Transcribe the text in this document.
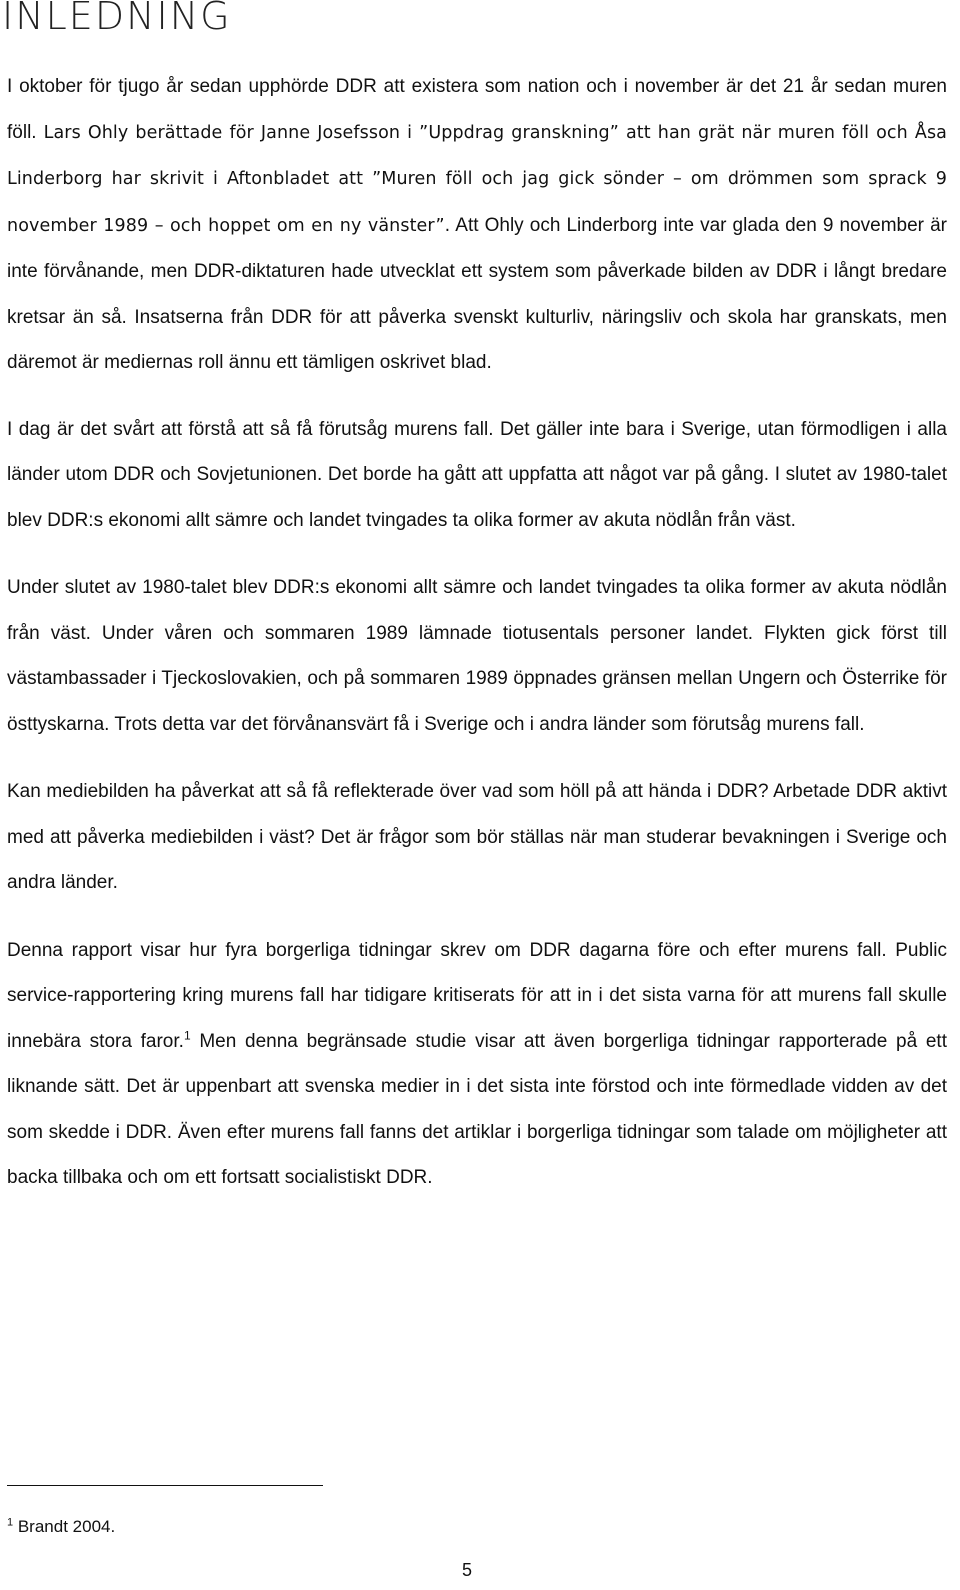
INLEDNING

I oktober för tjugo år sedan upphörde DDR att existera som nation och i november är det 21 år sedan muren föll. Lars Ohly berättade för Janne Josefsson i ”Uppdrag granskning” att han grät när muren föll och Åsa Linderborg har skrivit i Aftonbladet att ”Muren föll och jag gick sönder – om drömmen som sprack 9 november 1989 – och hoppet om en ny vänster”. Att Ohly och Linderborg inte var glada den 9 november är inte förvånande, men DDR-diktaturen hade utvecklat ett system som påverkade bilden av DDR i långt bredare kretsar än så. Insatserna från DDR för att påverka svenskt kulturliv, näringsliv och skola har granskats, men däremot är mediernas roll ännu ett tämligen oskrivet blad.

I dag är det svårt att förstå att så få förutsåg murens fall. Det gäller inte bara i Sverige, utan förmodligen i alla länder utom DDR och Sovjetunionen. Det borde ha gått att uppfatta att något var på gång. I slutet av 1980-talet blev DDR:s ekonomi allt sämre och landet tvingades ta olika former av akuta nödlån från väst.

Under slutet av 1980-talet blev DDR:s ekonomi allt sämre och landet tvingades ta olika former av akuta nödlån från väst. Under våren och sommaren 1989 lämnade tiotusentals personer landet. Flykten gick först till västambassader i Tjeckoslovakien, och på sommaren 1989 öppnades gränsen mellan Ungern och Österrike för östtyskarna. Trots detta var det förvånansvärt få i Sverige och i andra länder som förutsåg murens fall.

Kan mediebilden ha påverkat att så få reflekterade över vad som höll på att hända i DDR? Arbetade DDR aktivt med att påverka mediebilden i väst? Det är frågor som bör ställas när man studerar bevakningen i Sverige och andra länder.

Denna rapport visar hur fyra borgerliga tidningar skrev om DDR dagarna före och efter murens fall. Public service-rapportering kring murens fall har tidigare kritiserats för att in i det sista varna för att murens fall skulle innebära stora faror.$^1$ Men denna begränsade studie visar att även borgerliga tidningar rapporterade på ett liknande sätt. Det är uppenbart att svenska medier in i det sista inte förstod och inte förmedlade vidden av det som skedde i DDR. Även efter murens fall fanns det artiklar i borgerliga tidningar som talade om möjligheter att backa tillbaka och om ett fortsatt socialistiskt DDR.

$^1$ Brandt 2004.
5
